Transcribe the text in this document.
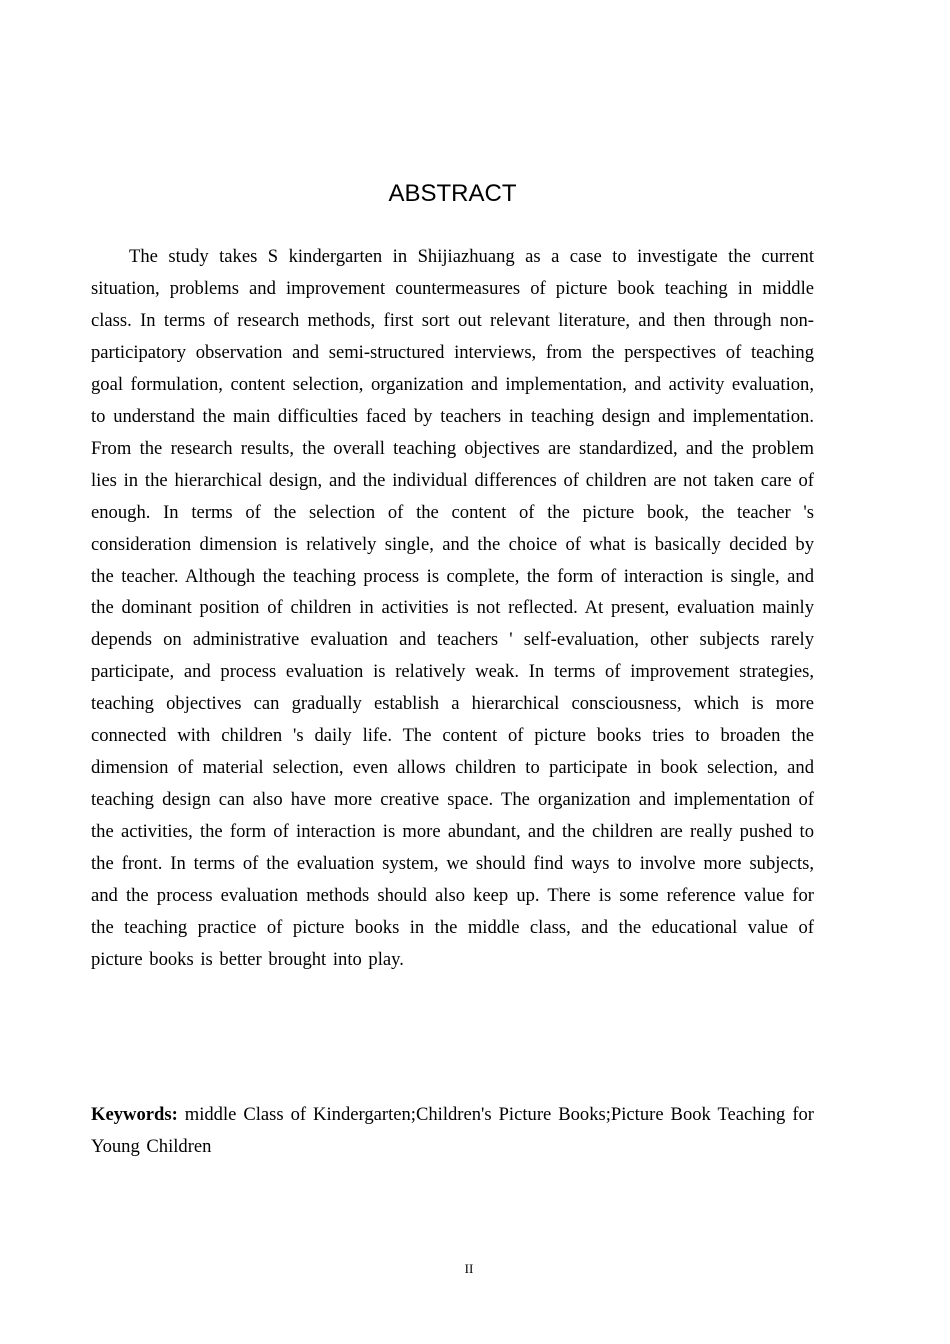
ABSTRACT

The study takes S kindergarten in Shijiazhuang as a case to investigate the current situation, problems and improvement countermeasures of picture book teaching in middle class. In terms of research methods, first sort out relevant literature, and then through non-participatory observation and semi-structured interviews, from the perspectives of teaching goal formulation, content selection, organization and implementation, and activity evaluation, to understand the main difficulties faced by teachers in teaching design and implementation. From the research results, the overall teaching objectives are standardized, and the problem lies in the hierarchical design, and the individual differences of children are not taken care of enough. In terms of the selection of the content of the picture book, the teacher 's consideration dimension is relatively single, and the choice of what is basically decided by the teacher. Although the teaching process is complete, the form of interaction is single, and the dominant position of children in activities is not reflected. At present, evaluation mainly depends on administrative evaluation and teachers ' self-evaluation, other subjects rarely participate, and process evaluation is relatively weak. In terms of improvement strategies, teaching objectives can gradually establish a hierarchical consciousness, which is more connected with children 's daily life. The content of picture books tries to broaden the dimension of material selection, even allows children to participate in book selection, and teaching design can also have more creative space. The organization and implementation of the activities, the form of interaction is more abundant, and the children are really pushed to the front. In terms of the evaluation system, we should find ways to involve more subjects, and the process evaluation methods should also keep up. There is some reference value for the teaching practice of picture books in the middle class, and the educational value of picture books is better brought into play.

Keywords: middle Class of Kindergarten;Children's Picture Books;Picture Book Teaching for Young Children

II
